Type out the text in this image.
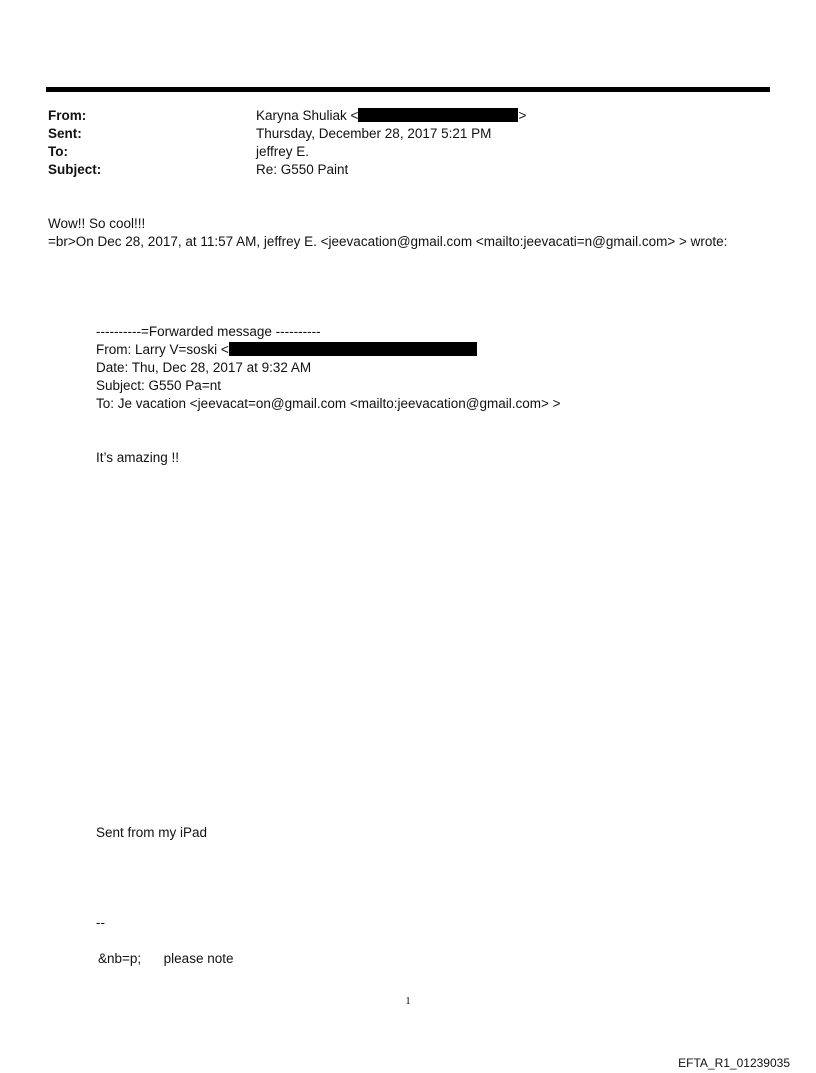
From:	Karyna Shuliak <	>
Sent:	Thursday, December 28, 2017 5:21 PM
To:	jeffrey E.
Subject:	Re: G550 Paint
Wow!! So cool!!!
=br>On Dec 28, 2017, at 11:57 AM, jeffrey E. <jeevacation@gmail.com <mailto:jeevacati=n@gmail.com> > wrote:
----------=Forwarded message ----------
From: Larry V=soski <
Date: Thu, Dec 28, 2017 at 9:32 AM
Subject: G550 Pa=nt
To: Je vacation <jeevacat=on@gmail.com <mailto:jeevacation@gmail.com> >
It’s amazing !!
Sent from my iPad
--
&nb=p;      please note
1
EFTA_R1_01239035
